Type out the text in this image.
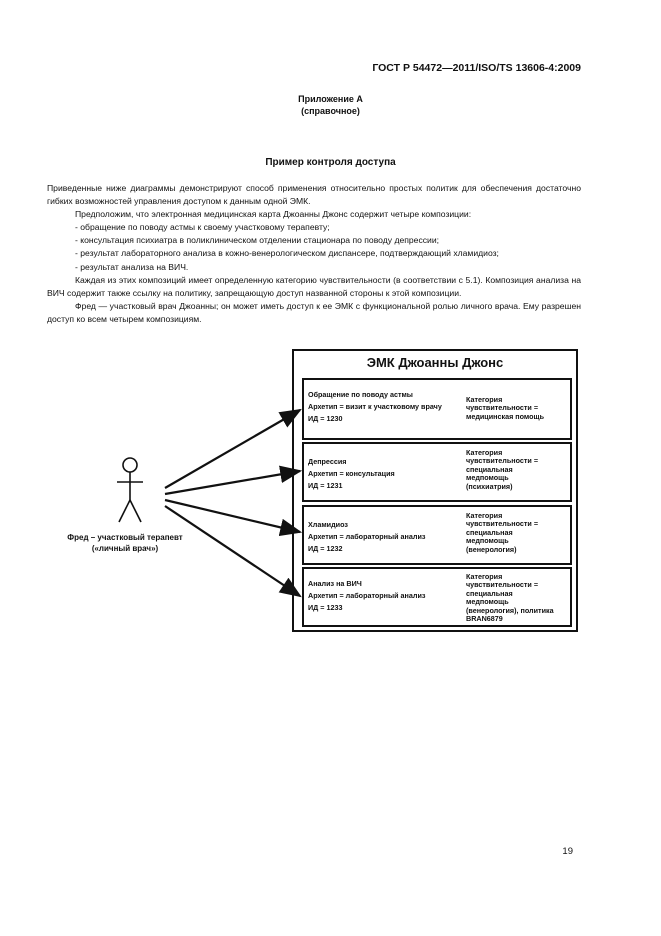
ГОСТ Р 54472—2011/ISO/TS 13606-4:2009
Приложение А
(справочное)
Пример контроля доступа

Приведенные ниже диаграммы демонстрируют способ применения относительно простых политик для обеспечения достаточно гибких возможностей управления доступом к данным одной ЭМК.

Предположим, что электронная медицинская карта Джоанны Джонс содержит четыре композиции:

- обращение по поводу астмы к своему участковому терапевту;

- консультация психиатра в поликлиническом отделении стационара по поводу депрессии;

- результат лабораторного анализа в кожно-венерологическом диспансере, подтверждающий хламидиоз;

- результат анализа на ВИЧ.

Каждая из этих композиций имеет определенную категорию чувствительности (в соответствии с 5.1). Композиция анализа на ВИЧ содержит также ссылку на политику, запрещающую доступ названной стороны к этой композиции.

Фред — участковый врач Джоанны; он может иметь доступ к ее ЭМК с функциональной ролью личного врача. Ему разрешен доступ ко всем четырем композициям.

ЭМК Джоанны Джонс
Обращение по поводу астмы
Архетип = визит к участковому врачу
ИД = 1230
Категория
чувствительности =
медицинская помощь
Депрессия
Архетип = консультация
ИД = 1231
Категория
чувствительности =
специальная
медпомощь
(психиатрия)
Хламидиоз
Архетип = лабораторный анализ
ИД = 1232
Категория
чувствительности =
специальная
медпомощь
(венерология)
Анализ на ВИЧ
Архетип = лабораторный анализ
ИД = 1233
Категория
чувствительности =
специальная
медпомощь
(венерология), политика
BRAN6879
Фред – участковый терапевт
(«личный врач»)
19
